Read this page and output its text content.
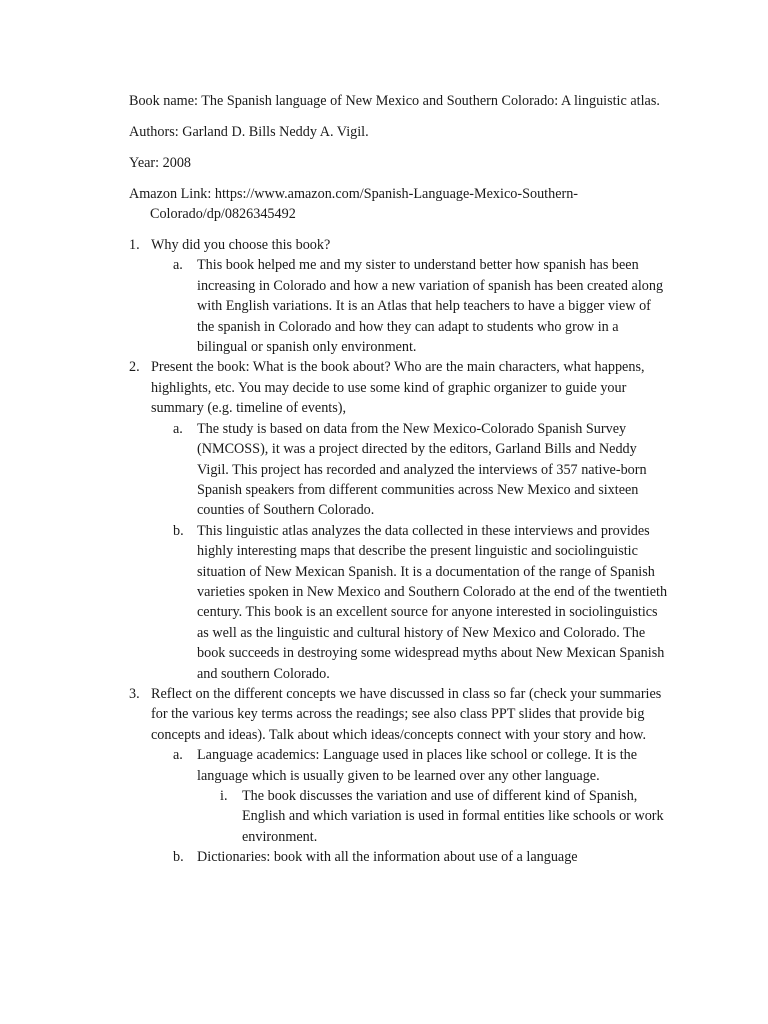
Book name: The Spanish language of New Mexico and Southern Colorado: A linguistic atlas.

Authors: Garland D. Bills Neddy A. Vigil.

Year: 2008

Amazon Link: https://www.amazon.com/Spanish-Language-Mexico-Southern-Colorado/dp/0826345492

1. Why did you choose this book?
a. This book helped me and my sister to understand better how spanish has been increasing in Colorado and how a new variation of spanish has been created along with English variations. It is an Atlas that help teachers to have a bigger view of the spanish in Colorado and how they can adapt to students who grow in a bilingual or spanish only environment.
2. Present the book: What is the book about? Who are the main characters, what happens, highlights, etc. You may decide to use some kind of graphic organizer to guide your summary (e.g. timeline of events),
a. The study is based on data from the New Mexico-Colorado Spanish Survey (NMCOSS), it was a project directed by the editors, Garland Bills and Neddy Vigil. This project has recorded and analyzed the interviews of 357 native-born Spanish speakers from different communities across New Mexico and sixteen counties of Southern Colorado.
b. This linguistic atlas analyzes the data collected in these interviews and provides highly interesting maps that describe the present linguistic and sociolinguistic situation of New Mexican Spanish. It is a documentation of the range of Spanish varieties spoken in New Mexico and Southern Colorado at the end of the twentieth century. This book is an excellent source for anyone interested in sociolinguistics as well as the linguistic and cultural history of New Mexico and Colorado. The book succeeds in destroying some widespread myths about New Mexican Spanish and southern Colorado.
3. Reflect on the different concepts we have discussed in class so far (check your summaries for the various key terms across the readings; see also class PPT slides that provide big concepts and ideas). Talk about which ideas/concepts connect with your story and how.
a. Language academics: Language used in places like school or college. It is the language which is usually given to be learned over any other language.
i. The book discusses the variation and use of different kind of Spanish, English and which variation is used in formal entities like schools or work environment.
b. Dictionaries: book with all the information about use of a language
